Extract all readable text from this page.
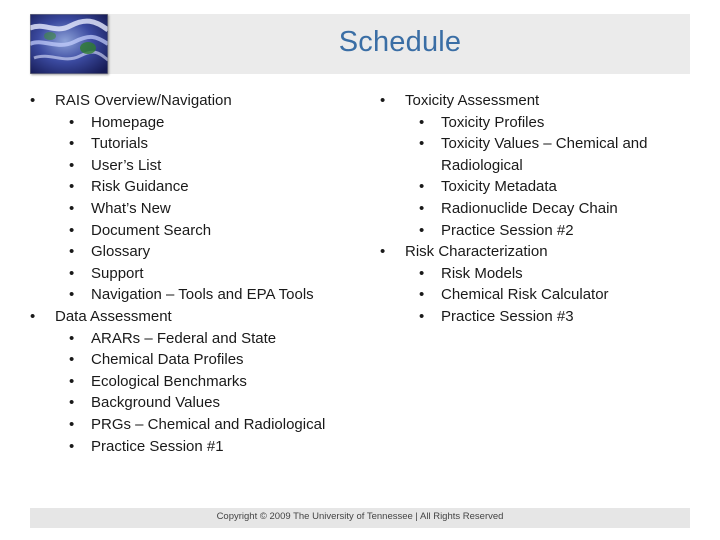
Schedule
• RAIS Overview/Navigation
• Homepage
• Tutorials
• User’s List
• Risk Guidance
• What’s New
• Document Search
• Glossary
• Support
• Navigation – Tools and EPA Tools
• Data Assessment
• ARARs – Federal and State
• Chemical Data Profiles
• Ecological Benchmarks
• Background Values
• PRGs – Chemical and Radiological
• Practice Session #1
• Toxicity Assessment
• Toxicity Profiles
• Toxicity Values – Chemical and Radiological
• Toxicity Metadata
• Radionuclide Decay Chain
• Practice Session #2
• Risk Characterization
• Risk Models
• Chemical Risk Calculator
• Practice Session #3
Copyright © 2009 The University of Tennessee | All Rights Reserved
